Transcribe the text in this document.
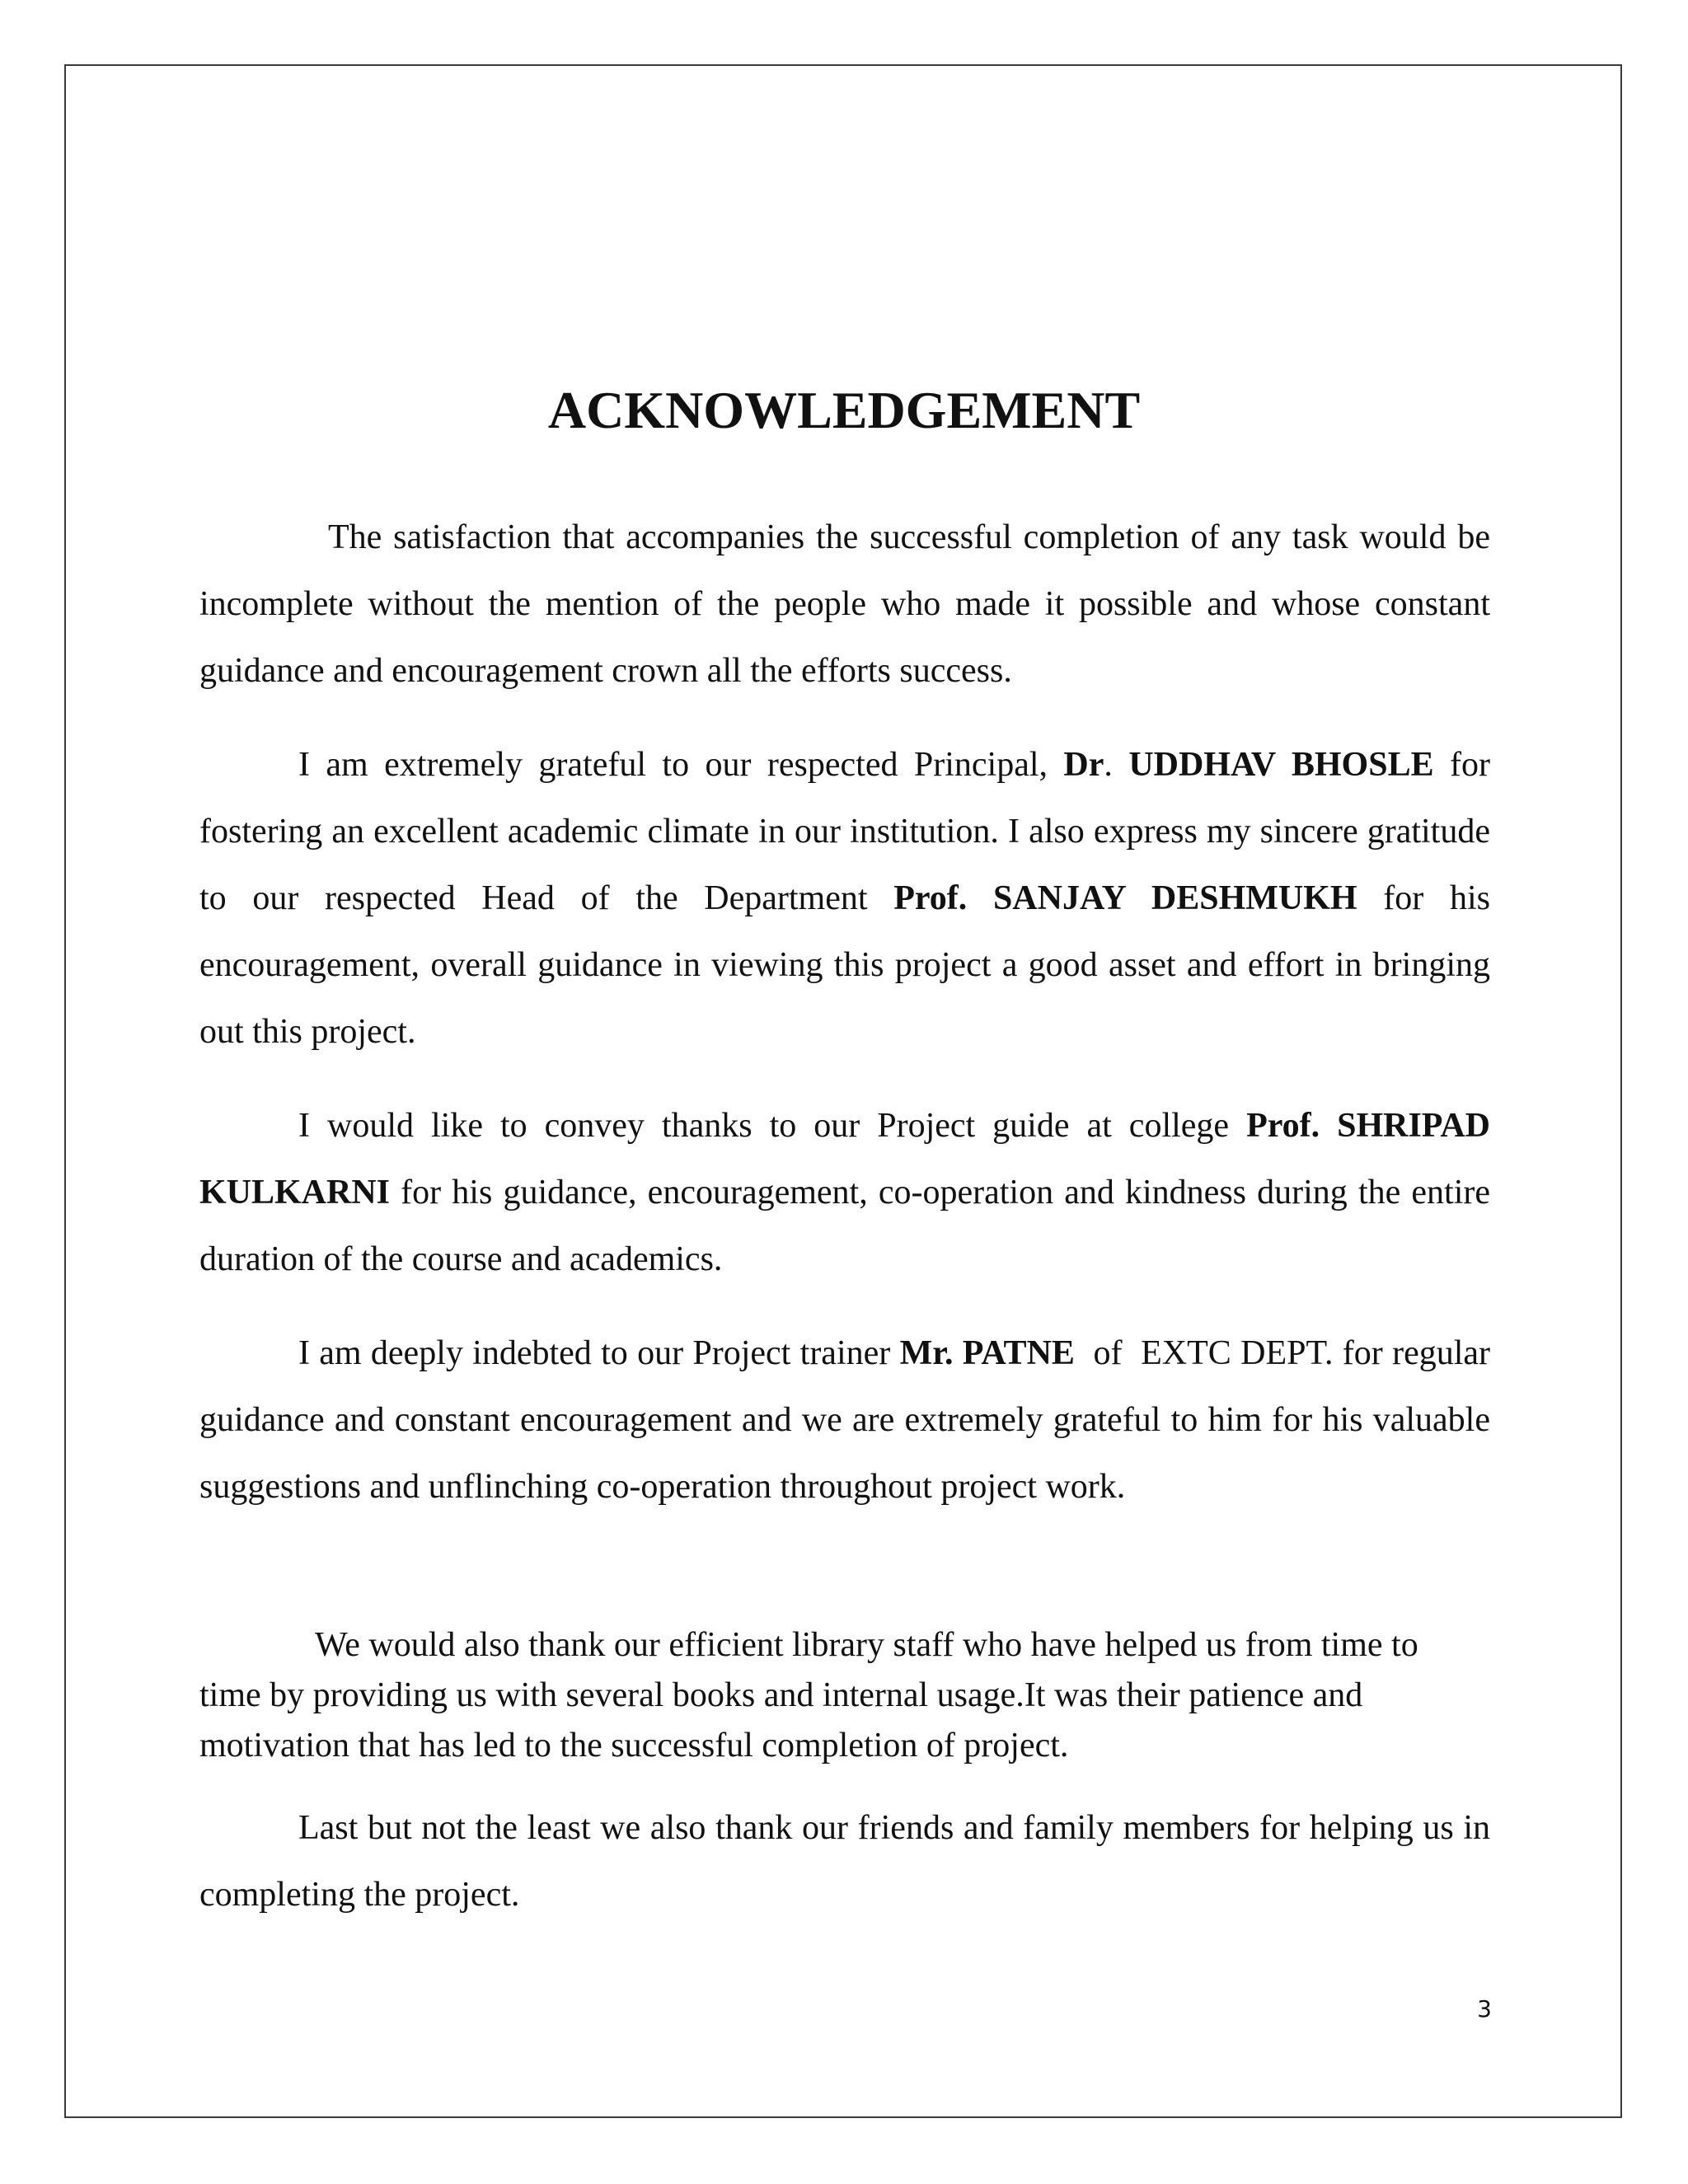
ACKNOWLEDGEMENT

The satisfaction that accompanies the successful completion of any task would be incomplete without the mention of the people who made it possible and whose constant guidance and encouragement crown all the efforts success.

I am extremely grateful to our respected Principal, Dr. UDDHAV BHOSLE for fostering an excellent academic climate in our institution. I also express my sincere gratitude to our respected Head of the Department Prof. SANJAY DESHMUKH for his encouragement, overall guidance in viewing this project a good asset and effort in bringing out this project.

I would like to convey thanks to our Project guide at college Prof. SHRIPAD KULKARNI for his guidance, encouragement, co-operation and kindness during the entire duration of the course and academics.

I am deeply indebted to our Project trainer Mr. PATNE  of  EXTC DEPT. for regular guidance and constant encouragement and we are extremely grateful to him for his valuable suggestions and unflinching co-operation throughout project work.

We would also thank our efficient library staff who have helped us from time to time by providing us with several books and internal usage.It was their patience and motivation that has led to the successful completion of project.

Last but not the least we also thank our friends and family members for helping us in completing the project.

3
